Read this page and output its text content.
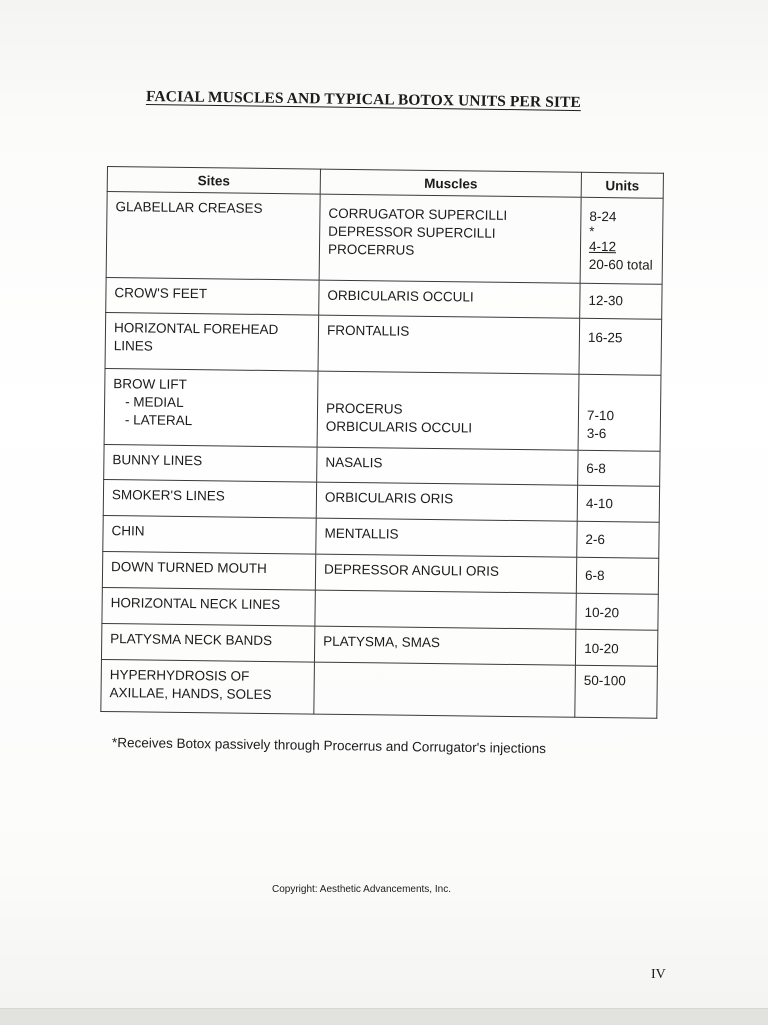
FACIAL MUSCLES AND TYPICAL BOTOX UNITS PER SITE
Sites	Muscles	Units

GLABELLAR CREASES	CORRUGATOR SUPERCILLI
DEPRESSOR SUPERCILLI
PROCERRUS	8-24
*
4-12
20-60 total

CROW'S FEET	ORBICULARIS OCCULI	12-30

HORIZONTAL FOREHEAD
LINES	FRONTALLIS	16-25

BROW LIFT
- MEDIAL
- LATERAL	PROCERUS
ORBICULARIS OCCULI	7-10
3-6

BUNNY LINES	NASALIS	6-8

SMOKER'S LINES	ORBICULARIS ORIS	4-10

CHIN	MENTALLIS	2-6

DOWN TURNED MOUTH	DEPRESSOR ANGULI ORIS	6-8

HORIZONTAL NECK LINES		10-20

PLATYSMA NECK BANDS	PLATYSMA, SMAS	10-20

HYPERHYDROSIS OF
AXILLAE, HANDS, SOLES		50-100
*Receives Botox passively through Procerrus and Corrugator's injections
Copyright: Aesthetic Advancements, Inc.
IV
